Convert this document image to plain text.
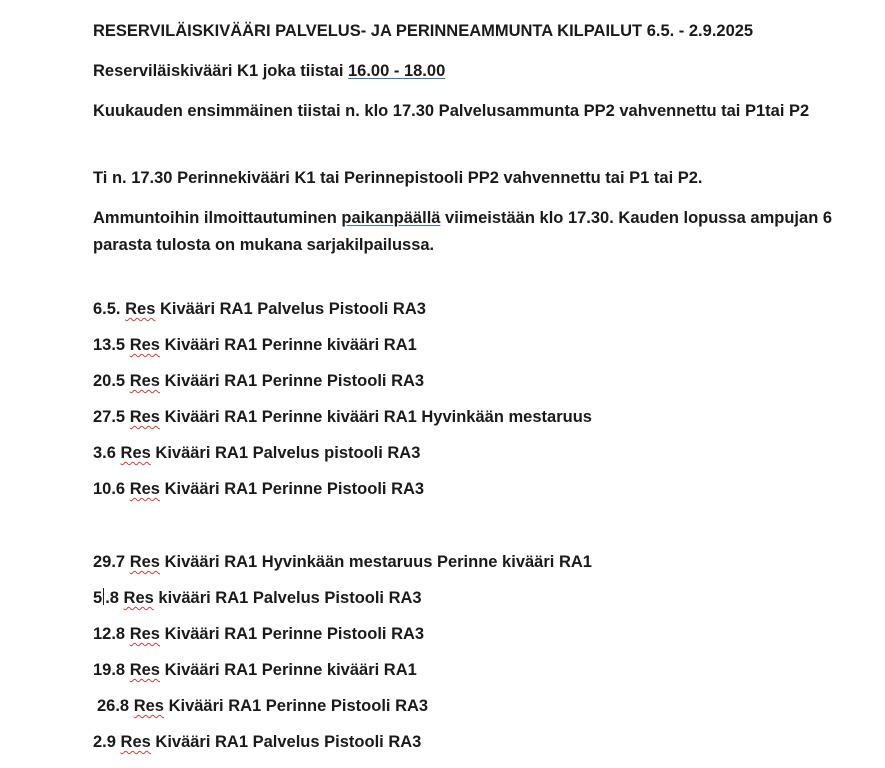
RESERVILÄISKIVÄÄRI PALVELUS- JA PERINNEAMMUNTA KILPAILUT 6.5. - 2.9.2025
Reserviläiskivääri K1 joka tiistai 16.00 - 18.00
Kuukauden ensimmäinen tiistai n. klo 17.30 Palvelusammunta PP2 vahvennettu tai P1tai P2
Ti n. 17.30 Perinnekivääri K1 tai Perinnepistooli PP2 vahvennettu tai P1 tai P2.
Ammuntoihin ilmoittautuminen paikanpäällä viimeistään klo 17.30. Kauden lopussa ampujan 6 parasta tulosta on mukana sarjakilpailussa.
6.5. Res Kivääri RA1 Palvelus Pistooli RA3
13.5 Res Kivääri RA1 Perinne kivääri RA1
20.5 Res Kivääri RA1 Perinne Pistooli RA3
27.5 Res Kivääri RA1 Perinne kivääri RA1 Hyvinkään mestaruus
3.6 Res Kivääri RA1 Palvelus pistooli RA3
10.6 Res Kivääri RA1 Perinne Pistooli RA3
29.7 Res Kivääri RA1 Hyvinkään mestaruus Perinne kivääri RA1
5 .8 Res kivääri RA1 Palvelus Pistooli RA3
12.8 Res Kivääri RA1 Perinne Pistooli RA3
19.8 Res Kivääri RA1 Perinne kivääri RA1
26.8 Res Kivääri RA1 Perinne Pistooli RA3
2.9 Res Kivääri RA1 Palvelus Pistooli RA3
